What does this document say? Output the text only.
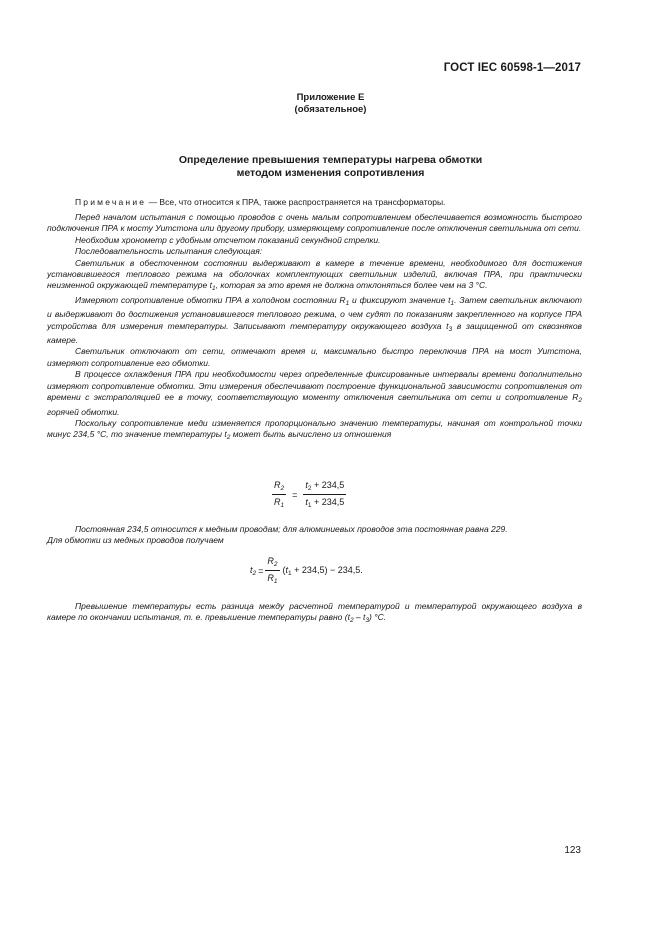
ГОСТ IEC 60598-1—2017
Приложение Е
(обязательное)
Определение превышения температуры нагрева обмотки
методом изменения сопротивления
Примечание — Все, что относится к ПРА, также распространяется на трансформаторы.

Перед началом испытания с помощью проводов с очень малым сопротивлением обеспечивается возможность быстрого подключения ПРА к мосту Уитстона или другому прибору, измеряющему сопротивление после отключения светильника от сети.

Необходим хронометр с удобным отсчетом показаний секундной стрелки.

Последовательность испытания следующая:

Светильник в обесточенном состоянии выдерживают в камере в течение времени, необходимого для достижения установившегося теплового режима на оболочках комплектующих светильник изделий, включая ПРА, при практически неизменной окружающей температуре $t_1$, которая за это время не должна отклоняться более чем на 3 °С.

Измеряют сопротивление обмотки ПРА в холодном состоянии $R_1$ и фиксируют значение $t_1$. Затем светильник включают и выдерживают до достижения установившегося теплового режима, о чем судят по показаниям закрепленного на корпусе ПРА устройства для измерения температуры. Записывают температуру окружающего воздуха $t_3$ в защищенной от сквозняков камере.

Светильник отключают от сети, отмечают время и, максимально быстро переключив ПРА на мост Уитстона, измеряют сопротивление его обмотки.

В процессе охлаждения ПРА при необходимости через определенные фиксированные интервалы времени дополнительно измеряют сопротивление обмотки. Эти измерения обеспечивают построение функциональной зависимости сопротивления от времени с экстраполяцией ее в точку, соответствующую моменту отключения светильника от сети и сопротивление $R_2$ горячей обмотки.

Поскольку сопротивление меди изменяется пропорционально значению температуры, начиная от контрольной точки минус 234,5 °С, то значение температуры $t_2$ может быть вычислено из отношения

$\frac{R_2}{R_1} = \frac{t_2 + 234,5}{t_1 + 234,5}$

Постоянная 234,5 относится к медным проводам; для алюминиевых проводов эта постоянная равна 229.

Для обмотки из медных проводов получаем

$t_2 = \frac{R_2}{R_1} (t_1 + 234,5) - 234,5$.

Превышение температуры есть разница между расчетной температурой и температурой окружающего воздуха в камере по окончании испытания, т. е. превышение температуры равно $(t_2 - t_3)$ °С.

123
